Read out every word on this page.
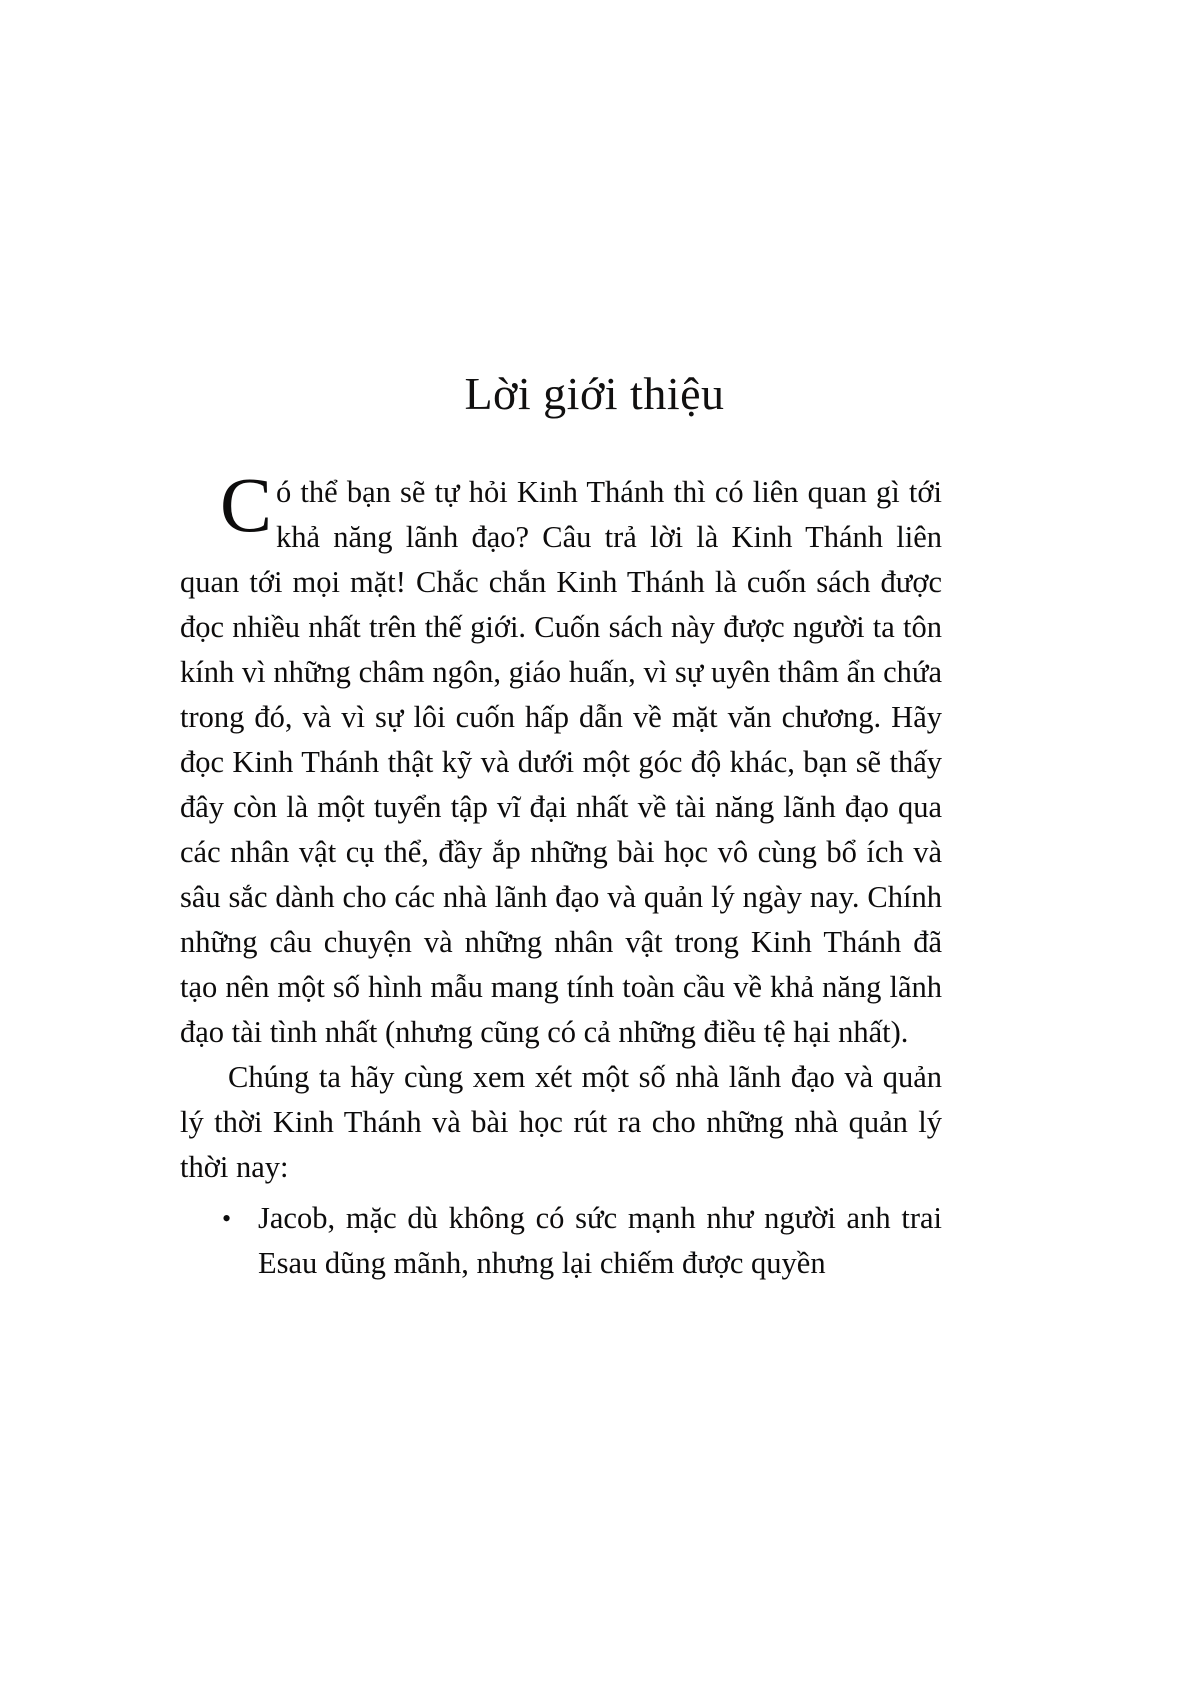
Lời giới thiệu

Có thể bạn sẽ tự hỏi Kinh Thánh thì có liên quan gì tới khả năng lãnh đạo? Câu trả lời là Kinh Thánh liên quan tới mọi mặt! Chắc chắn Kinh Thánh là cuốn sách được đọc nhiều nhất trên thế giới. Cuốn sách này được người ta tôn kính vì những châm ngôn, giáo huấn, vì sự uyên thâm ẩn chứa trong đó, và vì sự lôi cuốn hấp dẫn về mặt văn chương. Hãy đọc Kinh Thánh thật kỹ và dưới một góc độ khác, bạn sẽ thấy đây còn là một tuyển tập vĩ đại nhất về tài năng lãnh đạo qua các nhân vật cụ thể, đầy ắp những bài học vô cùng bổ ích và sâu sắc dành cho các nhà lãnh đạo và quản lý ngày nay. Chính những câu chuyện và những nhân vật trong Kinh Thánh đã tạo nên một số hình mẫu mang tính toàn cầu về khả năng lãnh đạo tài tình nhất (nhưng cũng có cả những điều tệ hại nhất).

Chúng ta hãy cùng xem xét một số nhà lãnh đạo và quản lý thời Kinh Thánh và bài học rút ra cho những nhà quản lý thời nay:

• Jacob, mặc dù không có sức mạnh như người anh trai Esau dũng mãnh, nhưng lại chiếm được quyền
